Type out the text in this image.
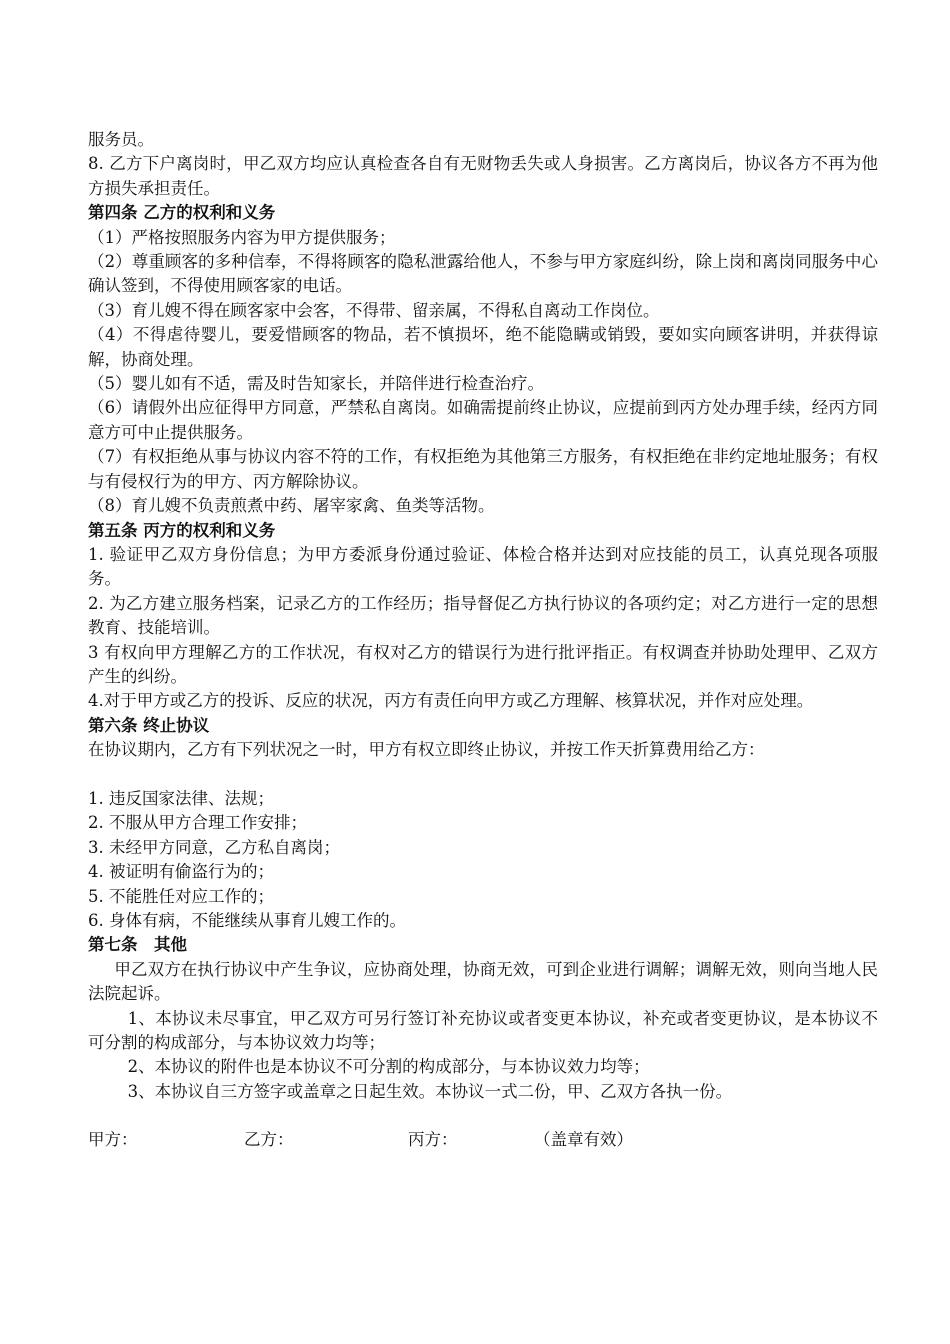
服务员。

8. 乙方下户离岗时，甲乙双方均应认真检查各自有无财物丢失或人身损害。乙方离岗后，协议各方不再为他方损失承担责任。

第四条 乙方的权利和义务

（1）严格按照服务内容为甲方提供服务；

（2）尊重顾客的多种信奉，不得将顾客的隐私泄露给他人，不参与甲方家庭纠纷，除上岗和离岗同服务中心确认签到，不得使用顾客家的电话。

（3）育儿嫂不得在顾客家中会客，不得带、留亲属，不得私自离动工作岗位。

（4）不得虐待婴儿，要爱惜顾客的物品，若不慎损坏，绝不能隐瞒或销毁，要如实向顾客讲明，并获得谅解，协商处理。

（5）婴儿如有不适，需及时告知家长，并陪伴进行检查治疗。

（6）请假外出应征得甲方同意，严禁私自离岗。如确需提前终止协议，应提前到丙方处办理手续，经丙方同意方可中止提供服务。

（7）有权拒绝从事与协议内容不符的工作，有权拒绝为其他第三方服务，有权拒绝在非约定地址服务；有权与有侵权行为的甲方、丙方解除协议。

（8）育儿嫂不负责煎煮中药、屠宰家禽、鱼类等活物。

第五条 丙方的权利和义务

1. 验证甲乙双方身份信息；为甲方委派身份通过验证、体检合格并达到对应技能的员工，认真兑现各项服务。

2. 为乙方建立服务档案，记录乙方的工作经历；指导督促乙方执行协议的各项约定；对乙方进行一定的思想教育、技能培训。

3 有权向甲方理解乙方的工作状况，有权对乙方的错误行为进行批评指正。有权调查并协助处理甲、乙双方产生的纠纷。

4.对于甲方或乙方的投诉、反应的状况，丙方有责任向甲方或乙方理解、核算状况，并作对应处理。

第六条 终止协议

在协议期内，乙方有下列状况之一时，甲方有权立即终止协议，并按工作天折算费用给乙方：

1. 违反国家法律、法规；

2. 不服从甲方合理工作安排；

3. 未经甲方同意，乙方私自离岗；

4. 被证明有偷盗行为的；

5. 不能胜任对应工作的；

6. 身体有病，不能继续从事育儿嫂工作的。

第七条　其他

甲乙双方在执行协议中产生争议，应协商处理，协商无效，可到企业进行调解；调解无效，则向当地人民法院起诉。

1、本协议未尽事宜，甲乙双方可另行签订补充协议或者变更本协议，补充或者变更协议，是本协议不可分割的构成部分，与本协议效力均等；

2、本协议的附件也是本协议不可分割的构成部分，与本协议效力均等；

3、本协议自三方签字或盖章之日起生效。本协议一式二份，甲、乙双方各执一份。

甲方：	乙方：	丙方：	（盖章有效）
